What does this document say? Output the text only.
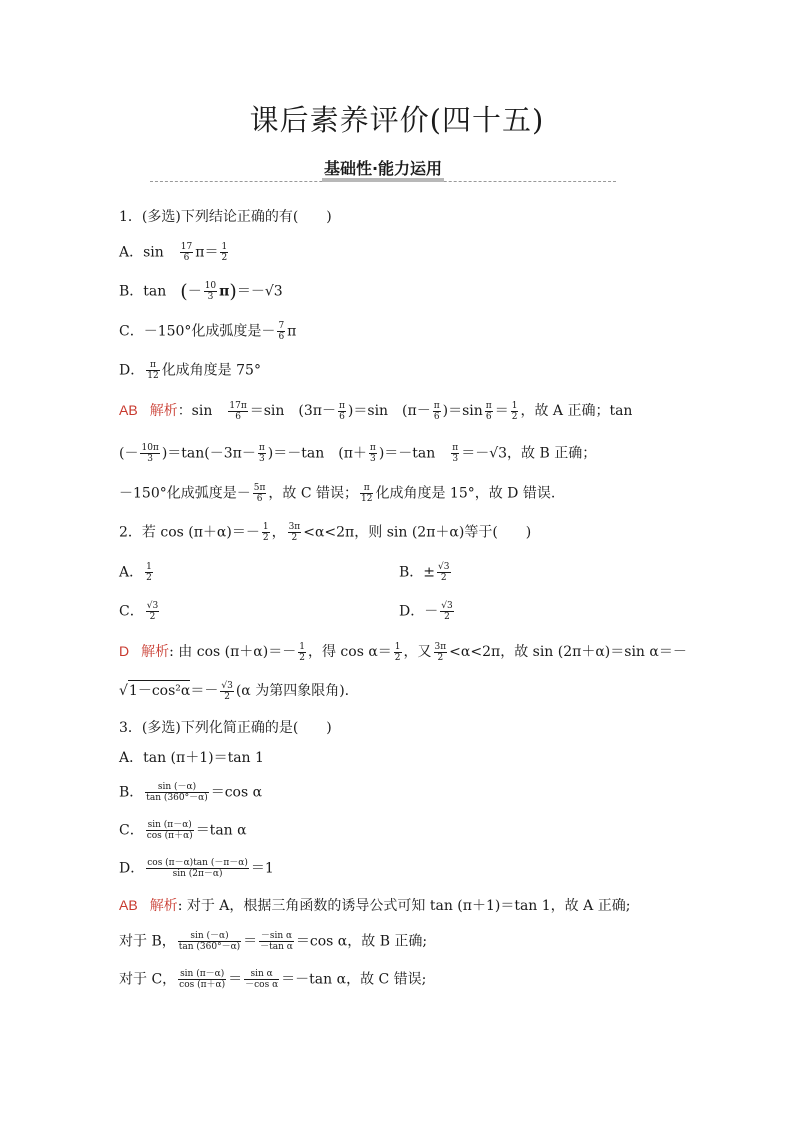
课后素养评价(四十五)
基础性·能力运用
1．(多选)下列结论正确的有(　　)
A．sin　 $\frac{17}{6} \pi= \frac{1}{2}$
B．tan　(－ $\frac{10}{3} \pi)=-√3$
C．－150°化成弧度是－ $\frac{7}{6}$ π
D． $\frac{\pi}{12}$ 化成角度是 75°
AB 解析：sin　 $\frac{17\pi}{6} =\sin$　$(3\pi- \frac{\pi}{6} )=\sin$　$(\pi- \frac{\pi}{6} )=\sin \frac{\pi}{6} = \frac{1}{2}$ ，故 A 正确；tan
(－ $\frac{10\pi}{3} )=\tan(-3\pi- \frac{\pi}{3} )=-\tan$　$(\pi+ \frac{\pi}{3} )=-\tan$　 $\frac{\pi}{3} =-√3$，故 B 正确；
－150°化成弧度是－ $\frac{5\pi}{6}$ ，故 C 错误； $\frac{\pi}{12}$ 化成角度是 15°，故 D 错误.
2．若 $\cos (\pi+\alpha)=- \frac{1}{2}$ ， $\frac{3\pi}{2} <\alpha<2\pi$，则 sin (2π＋α)等于(　　)
A． $\frac{1}{2}$	B．± $\frac{√3}{2}$
C． $\frac{√3}{2}$	D．－ $\frac{√3}{2}$
D 解析: 由 $\cos (\pi+\alpha)=- \frac{1}{2}$ ，得 $\cos \alpha= \frac{1}{2}$ ，又 $\frac{3\pi}{2} <\alpha<2\pi$，故 sin (2π＋α)＝sin α＝－
$√1-\cos^2\alpha=- \frac{√3}{2} (\alpha$ 为第四象限角).
3．(多选)下列化简正确的是(　　)
A．tan (π＋1)＝tan 1
B． $\frac{\sin (-\alpha)}{\tan (360^\circ-\alpha)} =\cos$ α
C． $\frac{\sin (\pi-\alpha)}{\cos (\pi+\alpha)} =\tan$ α
D． $\frac{\cos (\pi-\alpha)\tan (-\pi-\alpha)}{\sin (2\pi-\alpha)} =1$
AB 解析: 对于 A，根据三角函数的诱导公式可知 tan (π＋1)＝tan 1，故 A 正确;
对于 B， $\frac{\sin (-\alpha)}{\tan (360^\circ-\alpha)} = \frac{\text{－sin α}}{\text{－tan α}} =\cos$ α，故 B 正确;
对于 C， $\frac{\sin (\pi-\alpha)}{\cos (\pi+\alpha)} = \frac{\text{sin α}}{\text{－cos α}} =-\tan$ α，故 C 错误;
